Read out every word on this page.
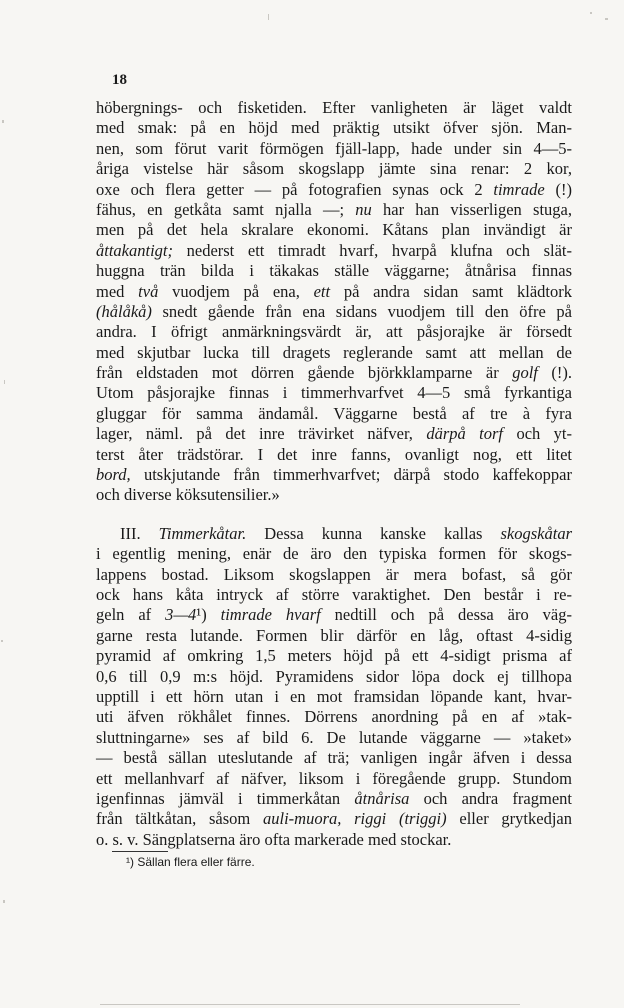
18
höbergnings- och fisketiden. Efter vanligheten är läget valdt
med smak: på en höjd med präktig utsikt öfver sjön. Man-
nen, som förut varit förmögen fjäll-lapp, hade under sin 4—5-
åriga vistelse här såsom skogslapp jämte sina renar: 2 kor,
oxe och flera getter — på fotografien synas ock 2 timrade (!)
fähus, en getkåta samt njalla —; nu har han visserligen stuga,
men på det hela skralare ekonomi. Kåtans plan invändigt är
åttakantigt; nederst ett timradt hvarf, hvarpå klufna och slät-
huggna trän bilda i täkakas ställe väggarne; åtnårisa finnas
med två vuodjem på ena, ett på andra sidan samt klädtork
(hålåkå) snedt gående från ena sidans vuodjem till den öfre på
andra. I öfrigt anmärkningsvärdt är, att påsjorajke är försedt
med skjutbar lucka till dragets reglerande samt att mellan de
från eldstaden mot dörren gående björkklamparne är golf (!).
Utom påsjorajke finnas i timmerhvarfvet 4—5 små fyrkantiga
gluggar för samma ändamål. Väggarne bestå af tre à fyra
lager, näml. på det inre trävirket näfver, därpå torf och yt-
terst åter trädstörar. I det inre fanns, ovanligt nog, ett litet
bord, utskjutande från timmerhvarfvet; därpå stodo kaffekoppar
och diverse köksutensilier.»
III. Timmerkåtar. Dessa kunna kanske kallas skogskåtar
i egentlig mening, enär de äro den typiska formen för skogs-
lappens bostad. Liksom skogslappen är mera bofast, så gör
ock hans kåta intryck af större varaktighet. Den består i re-
geln af 3—4¹) timrade hvarf nedtill och på dessa äro väg-
garne resta lutande. Formen blir därför en låg, oftast 4-sidig
pyramid af omkring 1,5 meters höjd på ett 4-sidigt prisma af
0,6 till 0,9 m:s höjd. Pyramidens sidor löpa dock ej tillhopa
upptill i ett hörn utan i en mot framsidan löpande kant, hvar-
uti äfven rökhålet finnes. Dörrens anordning på en af »tak-
sluttningarne» ses af bild 6. De lutande väggarne — »taket»
— bestå sällan uteslutande af trä; vanligen ingår äfven i dessa
ett mellanhvarf af näfver, liksom i föregående grupp. Stundom
igenfinnas jämväl i timmerkåtan åtnårisa och andra fragment
från tältkåtan, såsom auli-muora, riggi (triggi) eller grytkedjan
o. s. v. Sängplatserna äro ofta markerade med stockar.
¹) Sällan flera eller färre.
